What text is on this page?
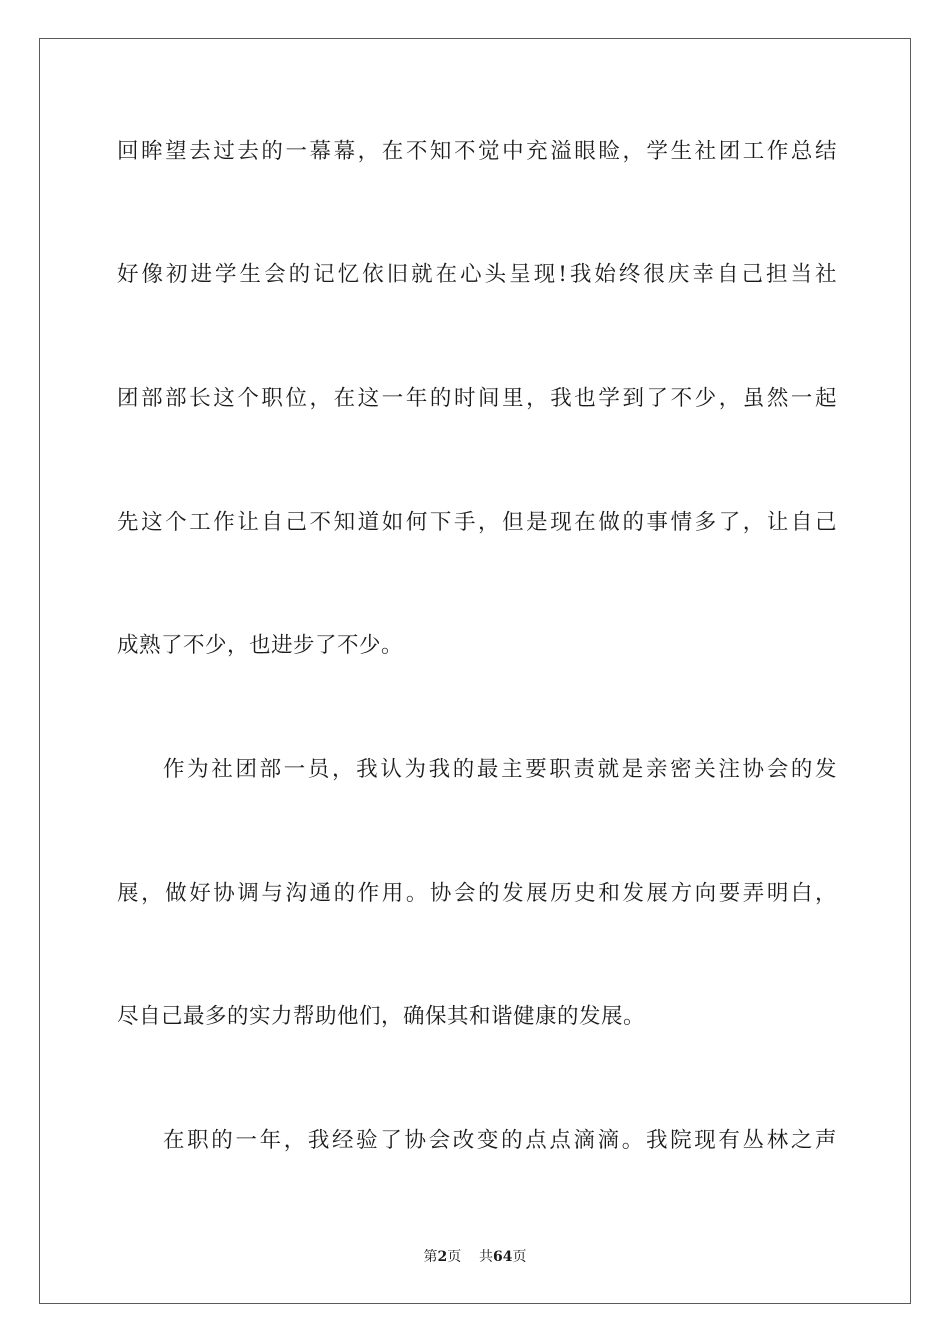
回眸望去过去的一幕幕，在不知不觉中充溢眼睑，学生社团工作总结
好像初进学生会的记忆依旧就在心头呈现!我始终很庆幸自己担当社
团部部长这个职位，在这一年的时间里，我也学到了不少，虽然一起
先这个工作让自己不知道如何下手，但是现在做的事情多了，让自己
成熟了不少，也进步了不少。
作为社团部一员，我认为我的最主要职责就是亲密关注协会的发
展，做好协调与沟通的作用。协会的发展历史和发展方向要弄明白，
尽自己最多的实力帮助他们，确保其和谐健康的发展。
在职的一年，我经验了协会改变的点点滴滴。我院现有丛林之声
第2页 共64页
